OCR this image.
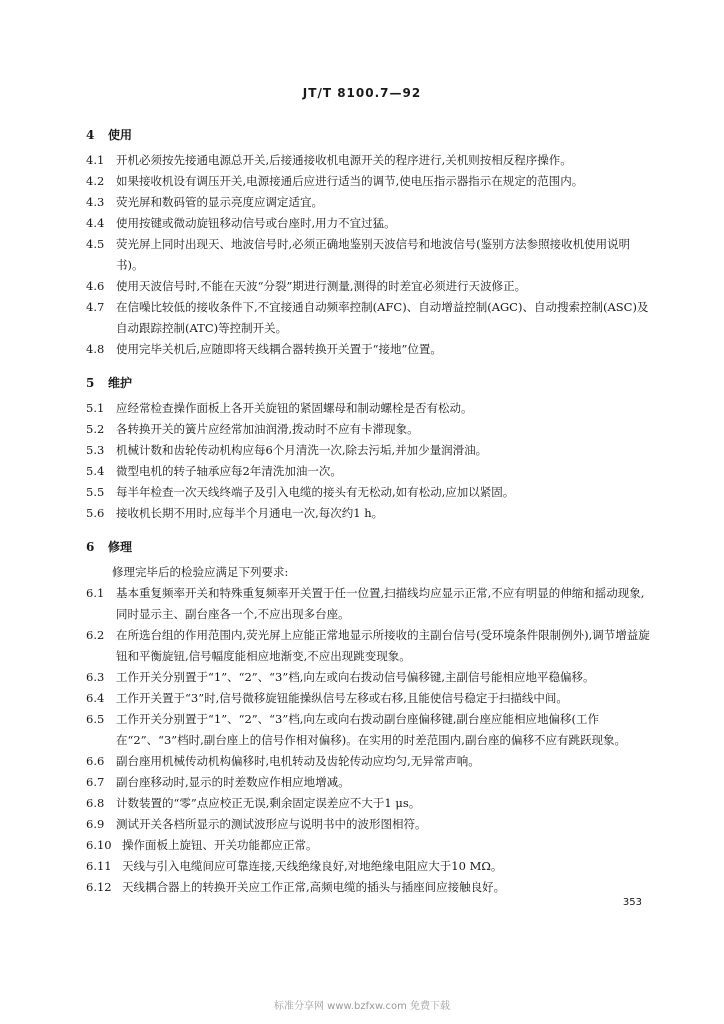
JT/T 8100.7—92
4 使用
4.1	开机必须按先接通电源总开关,后接通接收机电源开关的程序进行,关机则按相反程序操作。
4.2	如果接收机设有调压开关,电源接通后应进行适当的调节,使电压指示器指示在规定的范围内。
4.3	荧光屏和数码管的显示亮度应调定适宜。
4.4	使用按键或微动旋钮移动信号或台座时,用力不宜过猛。
4.5	荧光屏上同时出现天、地波信号时,必须正确地鉴别天波信号和地波信号(鉴别方法参照接收机使用说明书)。
4.6	使用天波信号时,不能在天波“分裂”期进行测量,测得的时差宜必须进行天波修正。
4.7	在信噪比较低的接收条件下,不宜接通自动频率控制(AFC)、自动增益控制(AGC)、自动搜索控制(ASC)及自动跟踪控制(ATC)等控制开关。
4.8	使用完毕关机后,应随即将天线耦合器转换开关置于“接地”位置。
5 维护
5.1	应经常检查操作面板上各开关旋钮的紧固螺母和制动螺栓是否有松动。
5.2	各转换开关的簧片应经常加油润滑,拨动时不应有卡滞现象。
5.3	机械计数和齿轮传动机构应每6个月清洗一次,除去污垢,并加少量润滑油。
5.4	微型电机的转子轴承应每2年清洗加油一次。
5.5	每半年检查一次天线终端子及引入电缆的接头有无松动,如有松动,应加以紧固。
5.6	接收机长期不用时,应每半个月通电一次,每次约1 h。
6 修理
修理完毕后的检验应满足下列要求:
6.1	基本重复频率开关和特殊重复频率开关置于任一位置,扫描线均应显示正常,不应有明显的伸缩和摇动现象,同时显示主、副台座各一个,不应出现多台座。
6.2	在所选台组的作用范围内,荧光屏上应能正常地显示所接收的主副台信号(受环境条件限制例外),调节增益旋钮和平衡旋钮,信号幅度能相应地渐变,不应出现跳变现象。
6.3	工作开关分别置于“1”、“2”、“3”档,向左或向右拨动信号偏移键,主副信号能相应地平稳偏移。
6.4	工作开关置于“3”时,信号微移旋钮能操纵信号左移或右移,且能使信号稳定于扫描线中间。
6.5	工作开关分别置于“1”、“2”、“3”档,向左或向右拨动副台座偏移键,副台座应能相应地偏移(工作在“2”、“3”档时,副台座上的信号作相对偏移)。在实用的时差范围内,副台座的偏移不应有跳跃现象。
6.6	副台座用机械传动机构偏移时,电机转动及齿轮传动应均匀,无异常声响。
6.7	副台座移动时,显示的时差数应作相应地增减。
6.8	计数装置的“零”点应校正无误,剩余固定误差应不大于1 μs。
6.9	测试开关各档所显示的测试波形应与说明书中的波形图相符。
6.10 操作面板上旋钮、开关功能都应正常。
6.11 天线与引入电缆间应可靠连接,天线绝缘良好,对地绝缘电阻应大于10 MΩ。
6.12 天线耦合器上的转换开关应工作正常,高频电缆的插头与插座间应接触良好。
353
标准分享网 www.bzfxw.com 免费下载
